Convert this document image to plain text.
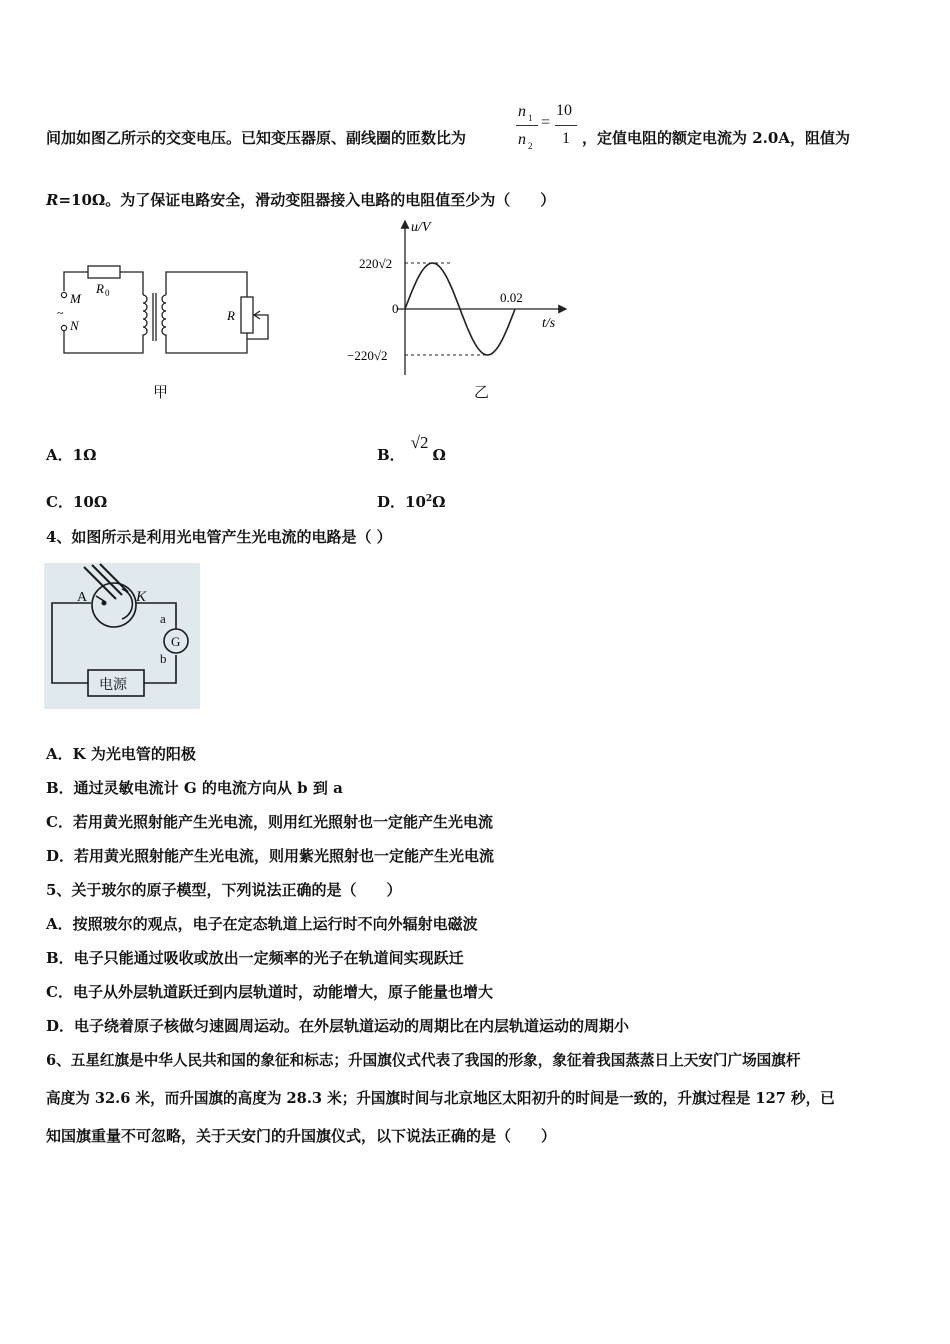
间加如图乙所示的交变电压。已知变压器原、副线圈的匝数比为
n 1
n 2
=
10
1 ，定值电阻的额定电流为 2.0A，阻值为
R=10Ω。为了保证电路安全，滑动变阻器接入电路的电阻值至少为（　　）
R 0
M
~
N
R
甲
u/V
t/s
220√2
−220√2
0
0.02
乙
A．1Ω	B．√2Ω
C．10Ω	D．$10^2\Omega$
4、如图所示是利用光电管产生光电流的电路是（ ）
A	K
a
b
G
电源
A．K 为光电管的阳极
B．通过灵敏电流计 G 的电流方向从 b 到 a
C．若用黄光照射能产生光电流，则用红光照射也一定能产生光电流
D．若用黄光照射能产生光电流，则用紫光照射也一定能产生光电流
5、关于玻尔的原子模型，下列说法正确的是（　　）
A．按照玻尔的观点，电子在定态轨道上运行时不向外辐射电磁波
B．电子只能通过吸收或放出一定频率的光子在轨道间实现跃迁
C．电子从外层轨道跃迁到内层轨道时，动能增大，原子能量也增大
D．电子绕着原子核做匀速圆周运动。在外层轨道运动的周期比在内层轨道运动的周期小
6、五星红旗是中华人民共和国的象征和标志；升国旗仪式代表了我国的形象，象征着我国蒸蒸日上天安门广场国旗杆
高度为 32.6 米，而升国旗的高度为 28.3 米；升国旗时间与北京地区太阳初升的时间是一致的，升旗过程是 127 秒，已
知国旗重量不可忽略，关于天安门的升国旗仪式，以下说法正确的是（　　）
